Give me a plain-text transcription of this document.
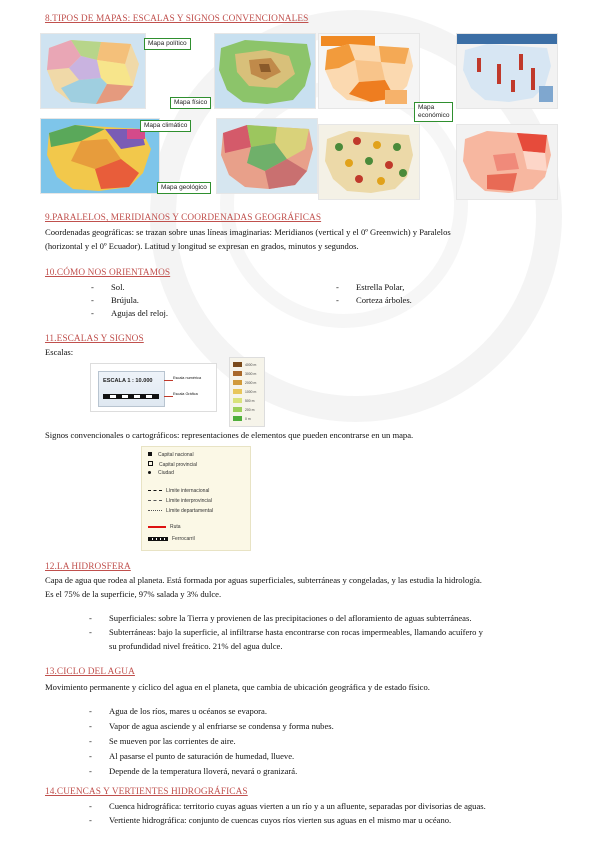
8.TIPOS DE MAPAS: ESCALAS Y SIGNOS CONVENCIONALES
Mapa político
Mapa físico
Mapa
económico
Mapa climático
Mapa geológico
9.PARALELOS, MERIDIANOS Y COORDENADAS GEOGRÁFICAS
Coordenadas geográficas: se trazan sobre unas líneas imaginarias: Meridianos (vertical y el 0º Greenwich) y Paralelos
(horizontal y el 0º Ecuador). Latitud y longitud se expresan en grados, minutos y segundos.
10.CÓMO NOS ORIENTAMOS
- Sol.
- Brújula.
- Agujas del reloj.
- Estrella Polar,
- Corteza árboles.
11.ESCALAS Y SIGNOS
Escalas:
ESCALA 1 : 10.000	Escala numérica
Escala Gráfica
4000 m
3000 m
2000 m
1000 m
500 m
200 m
0 m
Signos convencionales o cartográficos: representaciones de elementos que pueden encontrarse en un mapa.
Capital nacional
Capital provincial
Ciudad
Límite internacional
Límite interprovincial
Límite departamental
Ruta
Ferrocarril
12.LA HIDROSFERA
Capa de agua que rodea al planeta. Está formada por aguas superficiales, subterráneas y congeladas, y las estudia la hidrología.
Es el 75% de la superficie, 97% salada y 3% dulce.
- Superficiales: sobre la Tierra y provienen de las precipitaciones o del afloramiento de aguas subterráneas.
- Subterráneas: bajo la superficie, al infiltrarse hasta encontrarse con rocas impermeables, llamando acuífero y
su profundidad nivel freático. 21% del agua dulce.
13.CICLO DEL AGUA
Movimiento permanente y cíclico del agua en el planeta, que cambia de ubicación geográfica y de estado físico.
- Agua de los ríos, mares u océanos se evapora.
- Vapor de agua asciende y al enfriarse se condensa y forma nubes.
- Se mueven por las corrientes de aire.
- Al pasarse el punto de saturación de humedad, llueve.
- Depende de la temperatura lloverá, nevará o granizará.
14.CUENCAS Y VERTIENTES HIDROGRÁFICAS
- Cuenca hidrográfica: territorio cuyas aguas vierten a un río y a un afluente, separadas por divisorias de aguas.
- Vertiente hidrográfica: conjunto de cuencas cuyos ríos vierten sus aguas en el mismo mar u océano.
